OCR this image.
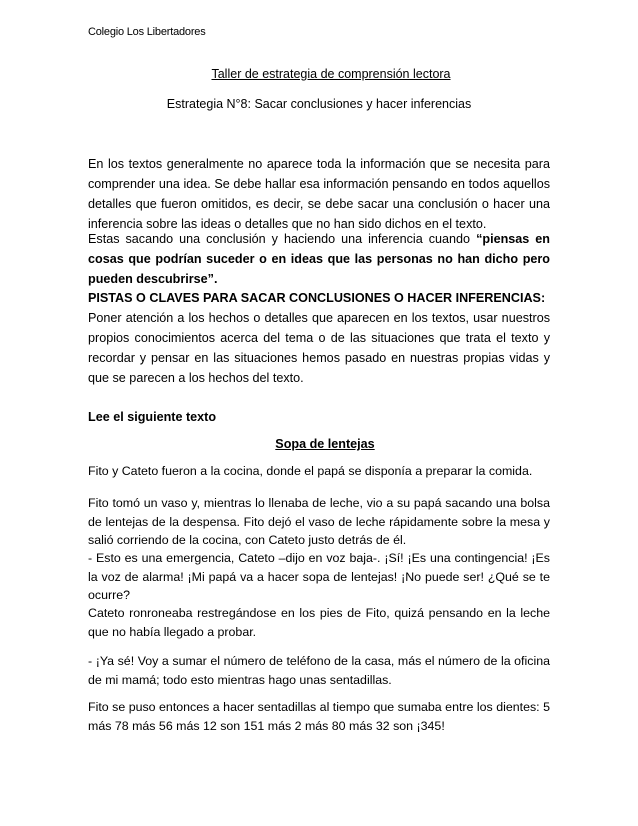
Colegio Los Libertadores
Taller de estrategia de comprensión lectora
Estrategia N°8: Sacar conclusiones y hacer inferencias
En los textos generalmente no aparece toda la información que se necesita para comprender una idea. Se debe hallar esa información pensando en todos aquellos detalles que fueron omitidos, es decir, se debe sacar una conclusión o hacer una inferencia sobre las ideas o detalles que no han sido dichos en el texto.
Estas sacando una conclusión y haciendo una inferencia cuando “piensas en cosas que podrían suceder o en ideas que las personas no han dicho pero pueden descubrirse”.
PISTAS O CLAVES PARA SACAR CONCLUSIONES O HACER INFERENCIAS:
Poner atención a los hechos o detalles que aparecen en los textos, usar nuestros propios conocimientos acerca del tema o de las situaciones que trata el texto y recordar y pensar en las situaciones hemos pasado en nuestras propias vidas y que se parecen a los hechos del texto.
Lee el siguiente texto
Sopa de lentejas
Fito y Cateto fueron a la cocina, donde el papá se disponía a preparar la comida.
Fito tomó un vaso y, mientras lo llenaba de leche, vio a su papá sacando una bolsa de lentejas de la despensa. Fito dejó el vaso de leche rápidamente sobre la mesa y salió corriendo de la cocina, con Cateto justo detrás de él.
- Esto es una emergencia, Cateto –dijo en voz baja-. ¡Sí! ¡Es una contingencia! ¡Es la voz de alarma! ¡Mi papá va a hacer sopa de lentejas! ¡No puede ser! ¿Qué se te ocurre?
Cateto ronroneaba restregándose en los pies de Fito, quizá pensando en la leche que no había llegado a probar.
- ¡Ya sé! Voy a sumar el número de teléfono de la casa, más el número de la oficina de mi mamá; todo esto mientras hago unas sentadillas.
Fito se puso entonces a hacer sentadillas al tiempo que sumaba entre los dientes: 5 más 78 más 56 más 12 son 151 más 2 más 80 más 32 son ¡345!
